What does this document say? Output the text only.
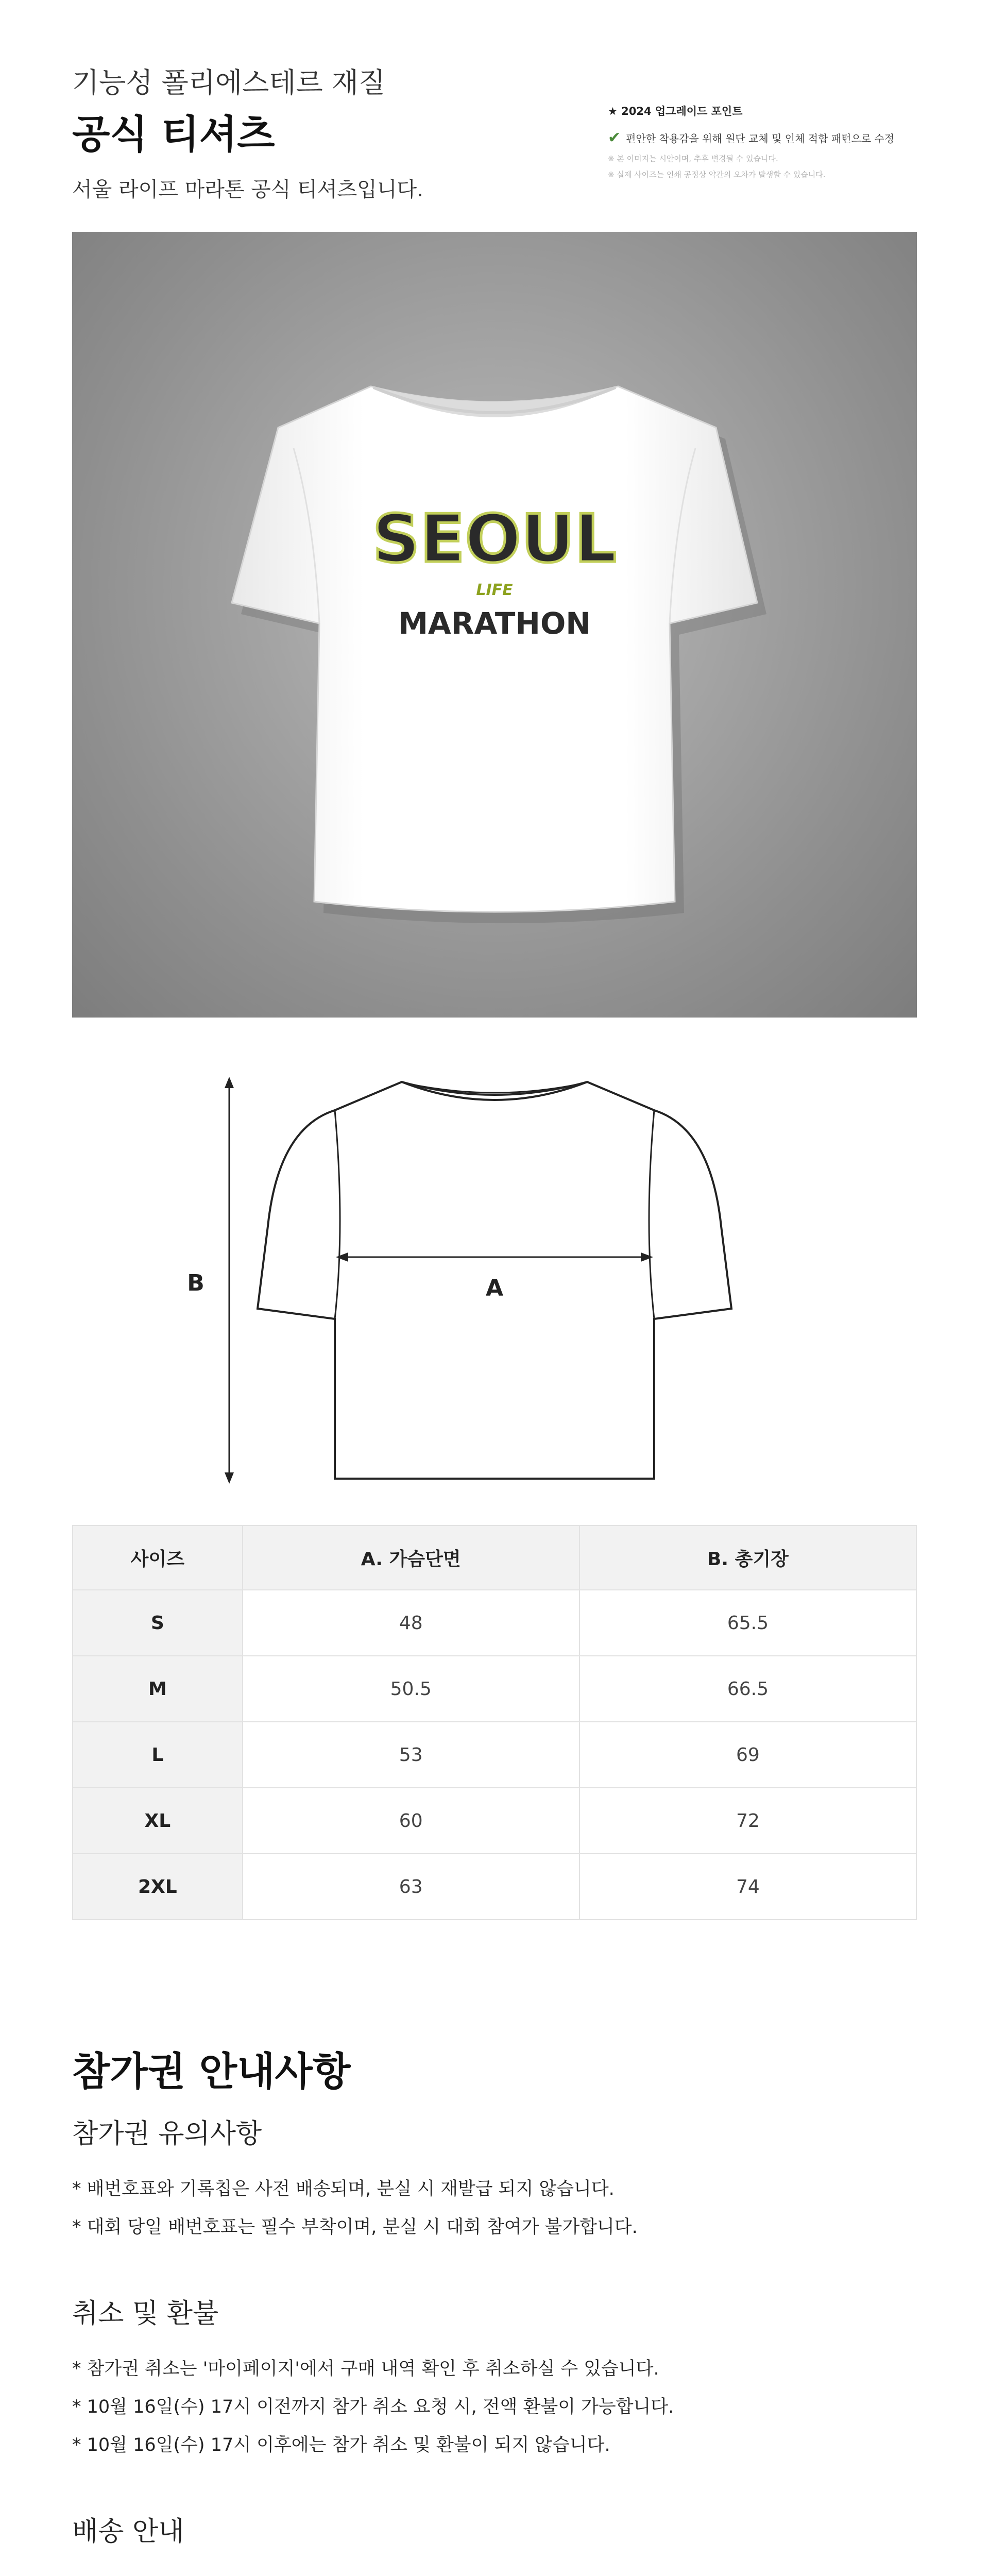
기능성 폴리에스테르 재질
공식 티셔츠
서울 라이프 마라톤 공식 티셔츠입니다.
★ 2024 업그레이드 포인트
✔ 편안한 착용감을 위해 원단 교체 및 인체 적합 패턴으로 수정
※ 본 이미지는 시안이며, 추후 변경될 수 있습니다.
※ 실제 사이즈는 인쇄 공정상 약간의 오차가 발생할 수 있습니다.
SEOUL
LIFE
MARATHON
A
B
사이즈	A. 가슴단면	B. 총기장
S	48	65.5
M	50.5	66.5
L	53	69
XL	60	72
2XL	63	74
참가권 안내사항
참가권 유의사항

* 배번호표와 기록칩은 사전 배송되며, 분실 시 재발급 되지 않습니다.

* 대회 당일 배번호표는 필수 부착이며, 분실 시 대회 참여가 불가합니다.

취소 및 환불

* 참가권 취소는 '마이페이지'에서 구매 내역 확인 후 취소하실 수 있습니다.

* 10월 16일(수) 17시 이전까지 참가 취소 요청 시, 전액 환불이 가능합니다.

* 10월 16일(수) 17시 이후에는 참가 취소 및 환불이 되지 않습니다.

배송 안내
